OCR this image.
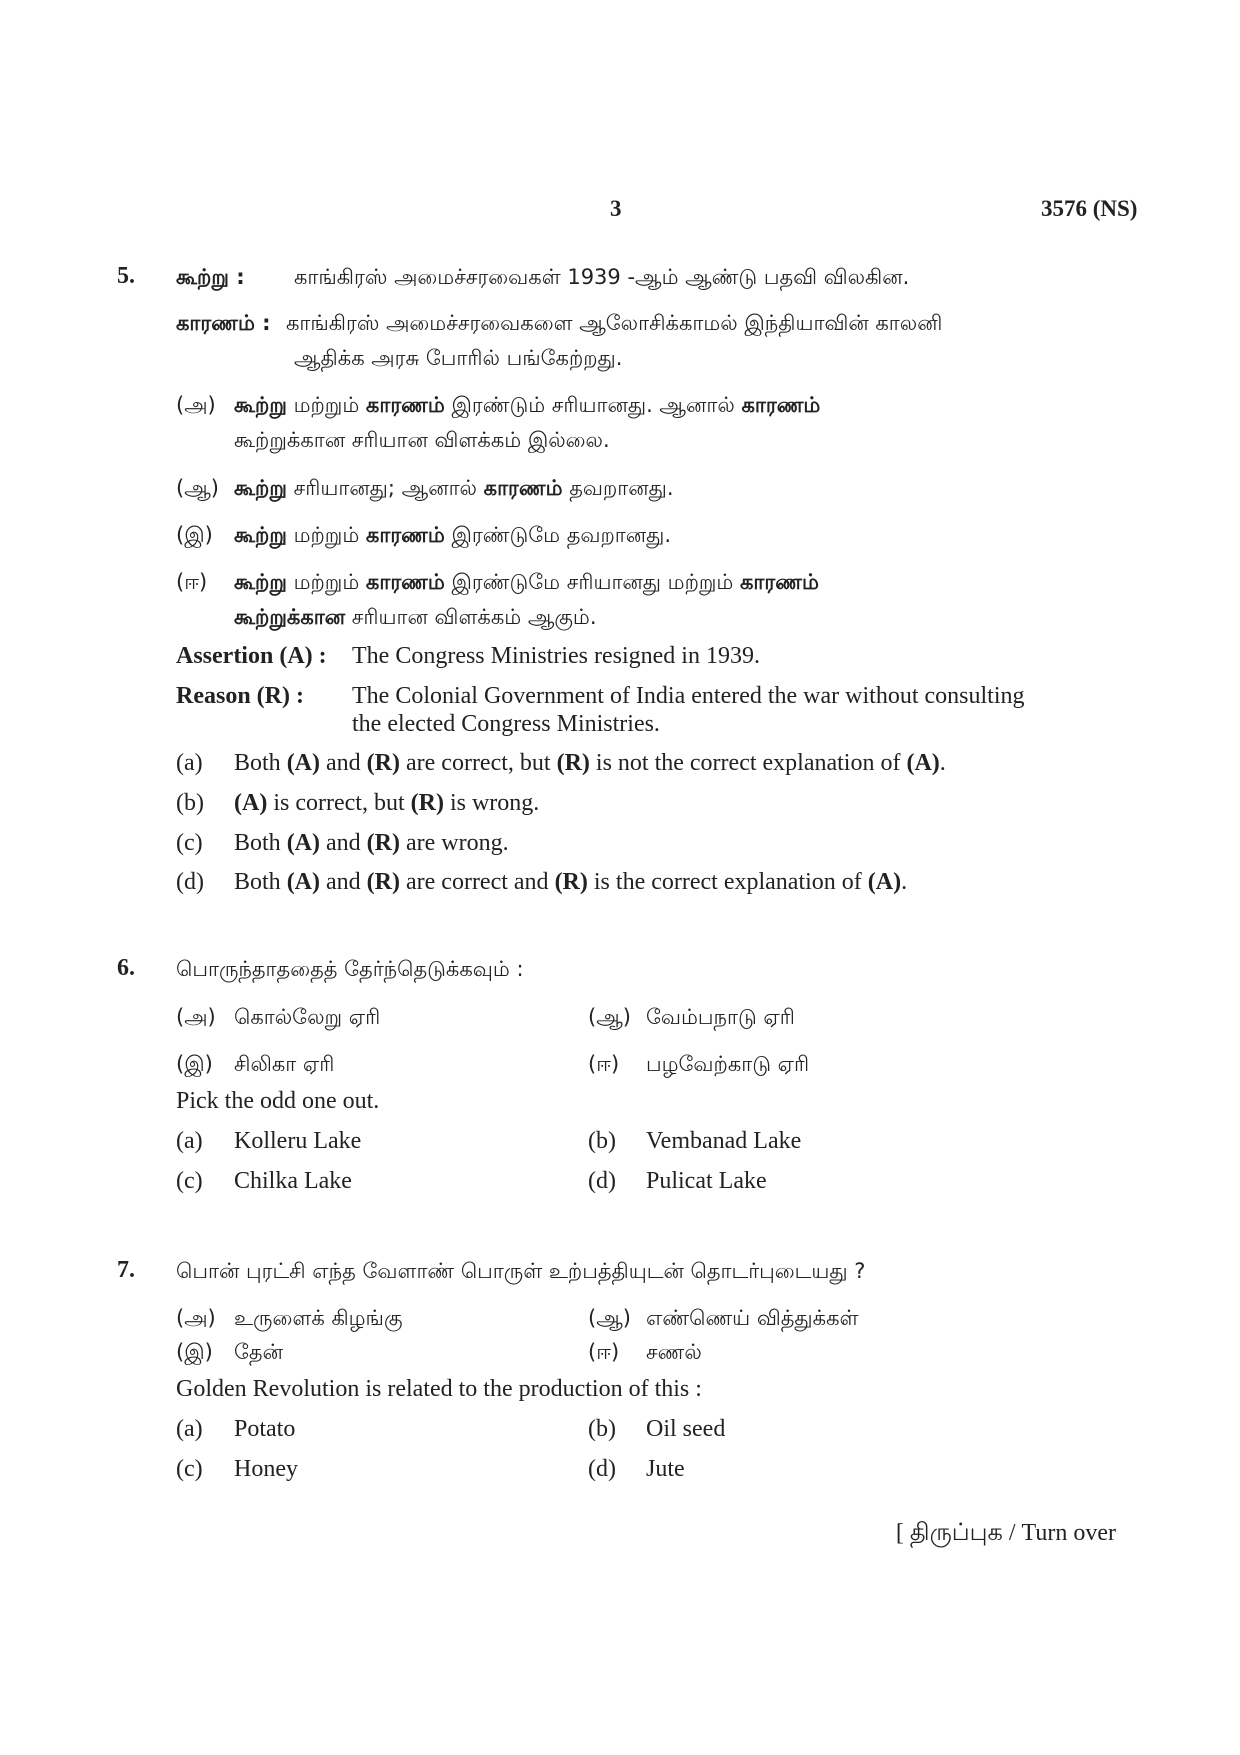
3	3576 (NS)
5. கூற்று : காங்கிரஸ் அமைச்சரவைகள் 1939 -ஆம் ஆண்டு பதவி விலகின.
காரணம் : காங்கிரஸ் அமைச்சரவைகளை ஆலோசிக்காமல் இந்தியாவின் காலனி
ஆதிக்க அரசு போரில் பங்கேற்றது.
(அ) கூற்று மற்றும் காரணம் இரண்டும் சரியானது. ஆனால் காரணம்
கூற்றுக்கான சரியான விளக்கம் இல்லை.
(ஆ) கூற்று சரியானது; ஆனால் காரணம் தவறானது.
(இ) கூற்று மற்றும் காரணம் இரண்டுமே தவறானது.
(ஈ) கூற்று மற்றும் காரணம் இரண்டுமே சரியானது மற்றும் காரணம்
கூற்றுக்கான சரியான விளக்கம் ஆகும்.
Assertion (A) : The Congress Ministries resigned in 1939.
Reason (R) : The Colonial Government of India entered the war without consulting
the elected Congress Ministries.
(a) Both (A) and (R) are correct, but (R) is not the correct explanation of (A).
(b) (A) is correct, but (R) is wrong.
(c) Both (A) and (R) are wrong.
(d) Both (A) and (R) are correct and (R) is the correct explanation of (A).
6. பொருந்தாததைத் தேர்ந்தெடுக்கவும் :
(அ) கொல்லேறு ஏரி	(ஆ) வேம்பநாடு ஏரி
(இ) சிலிகா ஏரி	(ஈ) பழவேற்காடு ஏரி
Pick the odd one out.
(a) Kolleru Lake	(b) Vembanad Lake
(c) Chilka Lake	(d) Pulicat Lake
7. பொன் புரட்சி எந்த வேளாண் பொருள் உற்பத்தியுடன் தொடர்புடையது ?
(அ) உருளைக் கிழங்கு	(ஆ) எண்ணெய் வித்துக்கள்
(இ) தேன்	(ஈ) சணல்
Golden Revolution is related to the production of this :
(a) Potato	(b) Oil seed
(c) Honey	(d) Jute
[ திருப்புக / Turn over
